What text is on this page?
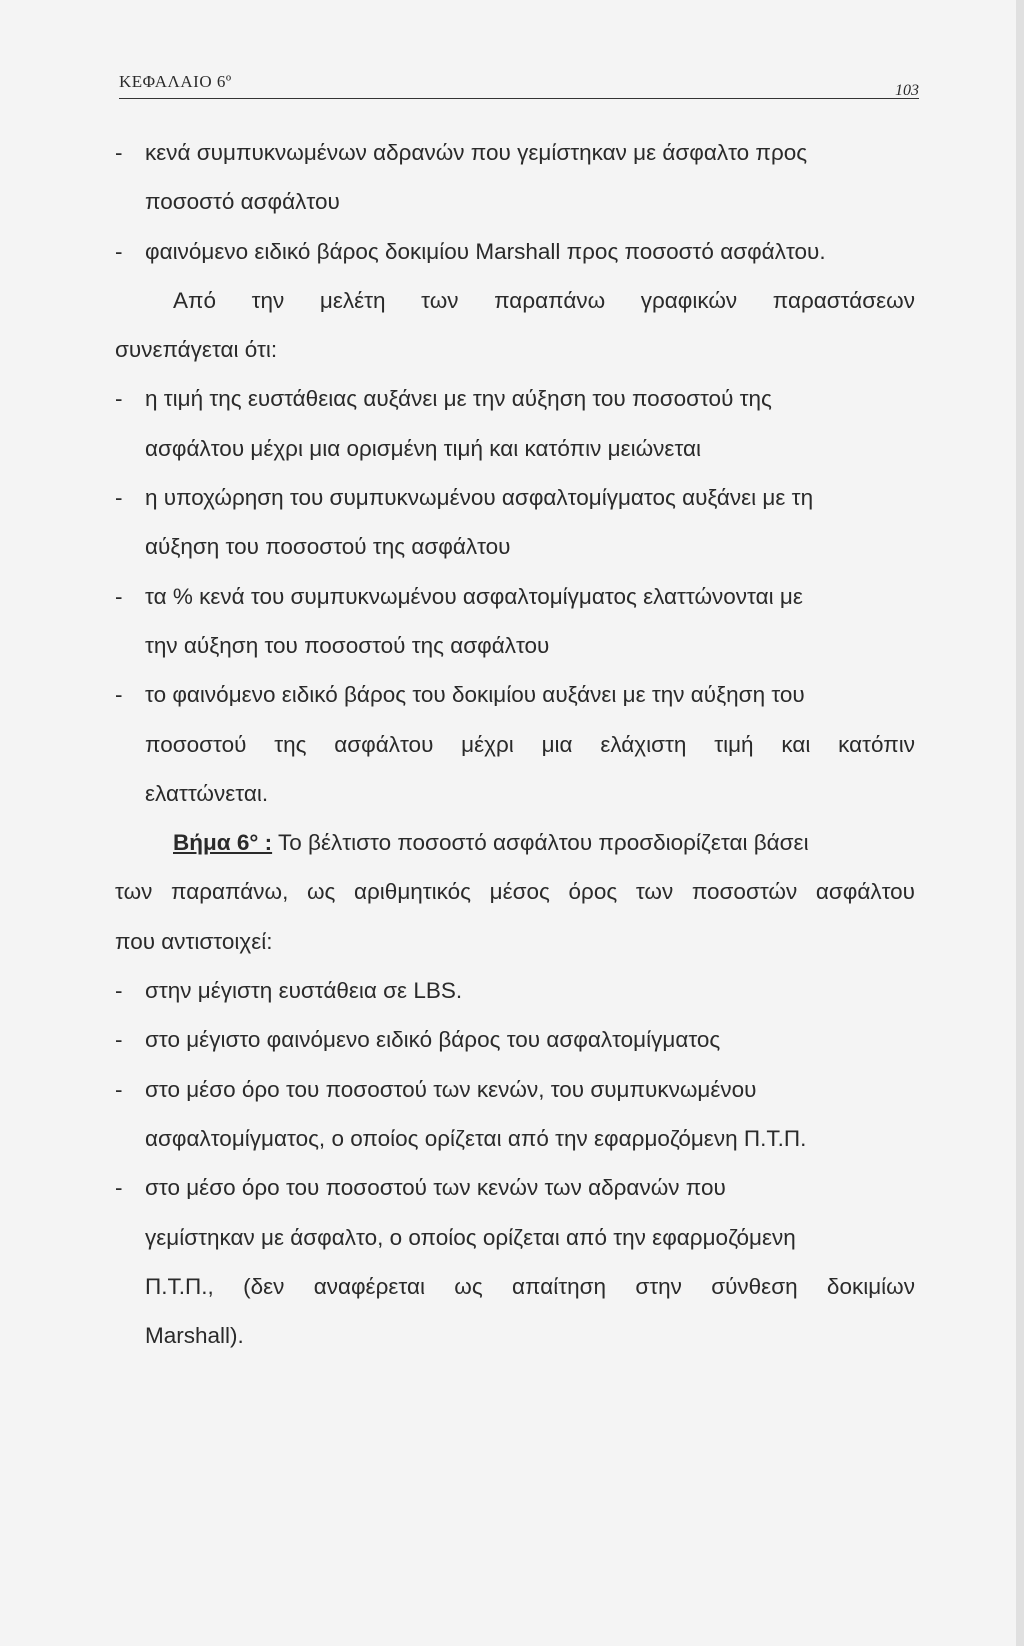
ΚΕΦΑΛΑΙΟ 6º	103
- κενά συμπυκνωμένων αδρανών που γεμίστηκαν με άσφαλτο προς
ποσοστό ασφάλτου
- φαινόμενο ειδικό βάρος δοκιμίου Marshall προς ποσοστό ασφάλτου.
Από την μελέτη των παραπάνω γραφικών παραστάσεων
συνεπάγεται ότι:
- η τιμή της ευστάθειας αυξάνει με την αύξηση του ποσοστού της
ασφάλτου μέχρι μια ορισμένη τιμή και κατόπιν μειώνεται
- η υποχώρηση του συμπυκνωμένου ασφαλτομίγματος αυξάνει με τη
αύξηση του ποσοστού της ασφάλτου
- τα % κενά του συμπυκνωμένου ασφαλτομίγματος ελαττώνονται με
την αύξηση του ποσοστού της ασφάλτου
- το φαινόμενο ειδικό βάρος του δοκιμίου αυξάνει με την αύξηση του
ποσοστού της ασφάλτου μέχρι μια ελάχιστη τιμή και κατόπιν
ελαττώνεται.
Βήμα 6° : Το βέλτιστο ποσοστό ασφάλτου προσδιορίζεται βάσει
των παραπάνω, ως αριθμητικός μέσος όρος των ποσοστών ασφάλτου
που αντιστοιχεί:
- στην μέγιστη ευστάθεια σε LBS.
- στο μέγιστο φαινόμενο ειδικό βάρος του ασφαλτομίγματος
- στο μέσο όρο του ποσοστού των κενών, του συμπυκνωμένου
ασφαλτομίγματος, ο οποίος ορίζεται από την εφαρμοζόμενη Π.Τ.Π.
- στο μέσο όρο του ποσοστού των κενών των αδρανών που
γεμίστηκαν με άσφαλτο, ο οποίος ορίζεται από την εφαρμοζόμενη
Π.Τ.Π., (δεν αναφέρεται ως απαίτηση στην σύνθεση δοκιμίων
Marshall).
